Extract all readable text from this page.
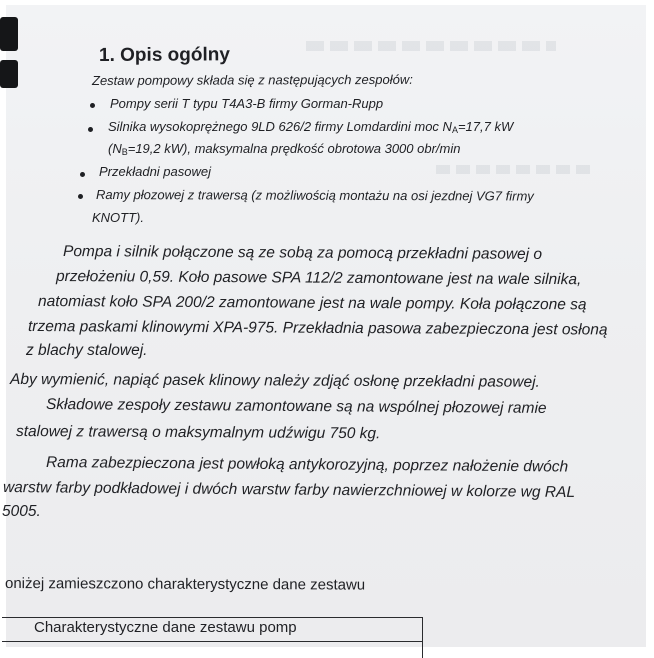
1. Opis ogólny
Zestaw pompowy składa się z następujących zespołów:
Pompy serii T typu T4A3-B firmy Gorman-Rupp
Silnika wysokoprężnego 9LD 626/2 firmy Lomdardini moc $N_A=17,7$ kW
($N_B=19,2$ kW), maksymalna prędkość obrotowa 3000 obr/min
Przekładni pasowej
Ramy płozowej z trawersą (z możliwością montażu na osi jezdnej VG7 firmy
KNOTT).
Pompa i silnik połączone są ze sobą za pomocą przekładni pasowej o
przełożeniu 0,59. Koło pasowe SPA 112/2 zamontowane jest na wale silnika,
natomiast koło SPA 200/2 zamontowane jest na wale pompy. Koła połączone są
trzema paskami klinowymi XPA-975. Przekładnia pasowa zabezpieczona jest osłoną
z blachy stalowej.
Aby wymienić, napiąć pasek klinowy należy zdjąć osłonę przekładni pasowej.
Składowe zespoły zestawu zamontowane są na wspólnej płozowej ramie
stalowej z trawersą o maksymalnym udźwigu 750 kg.
Rama zabezpieczona jest powłoką antykorozyjną, poprzez nałożenie dwóch
warstw farby podkładowej i dwóch warstw farby nawierzchniowej w kolorze wg RAL
5005.
oniżej zamieszczono charakterystyczne dane zestawu
Charakterystyczne dane zestawu pomp
